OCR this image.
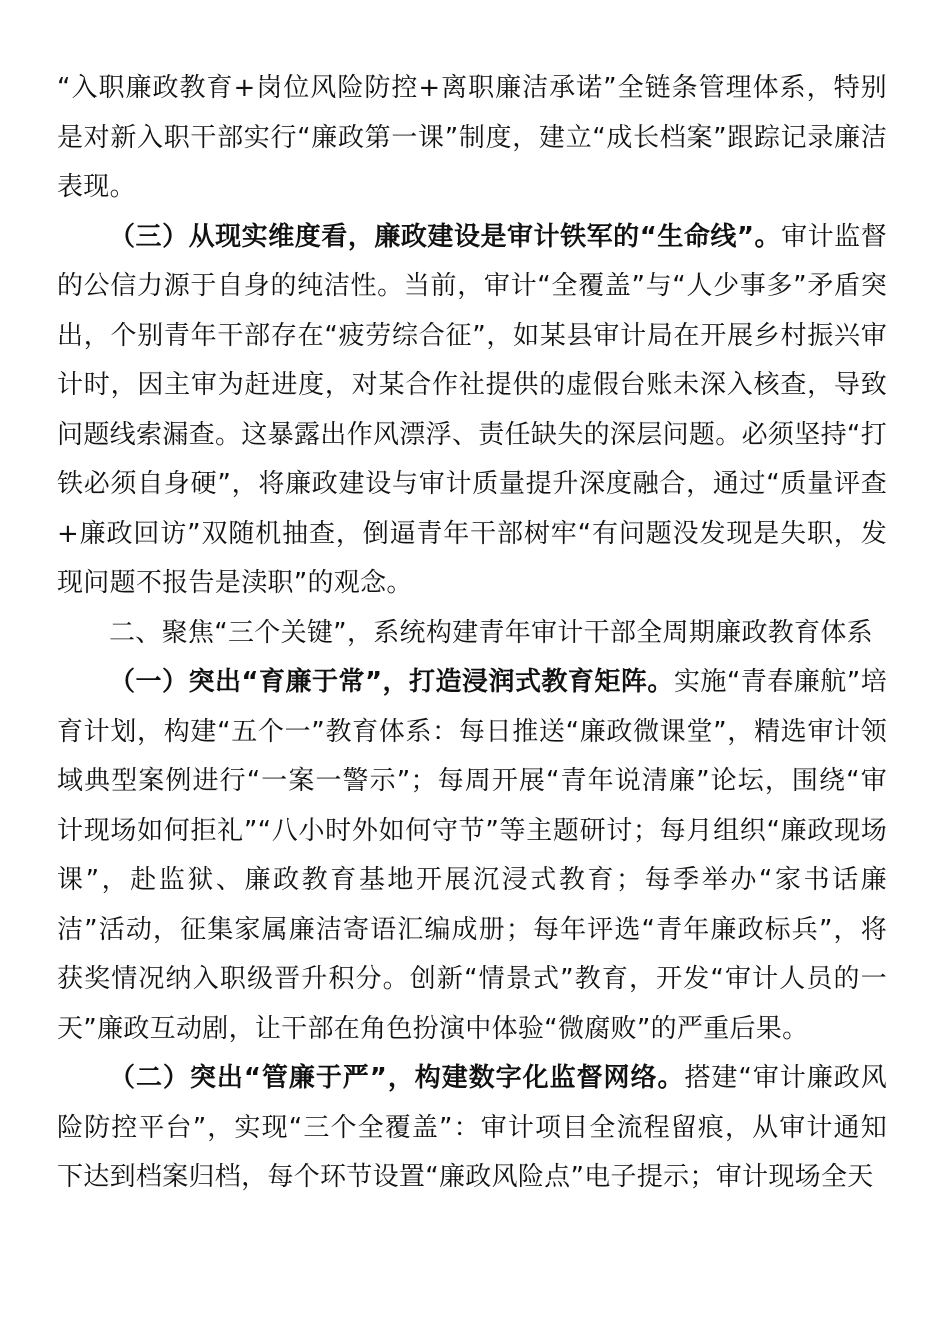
“入职廉政教育+岗位风险防控+离职廉洁承诺”全链条管理体系，特别是对新入职干部实行“廉政第一课”制度，建立“成长档案”跟踪记录廉洁表现。

（三）从现实维度看，廉政建设是审计铁军的“生命线”。审计监督的公信力源于自身的纯洁性。当前，审计“全覆盖”与“人少事多”矛盾突出，个别青年干部存在“疲劳综合征”，如某县审计局在开展乡村振兴审计时，因主审为赶进度，对某合作社提供的虚假台账未深入核查，导致问题线索漏查。这暴露出作风漂浮、责任缺失的深层问题。必须坚持“打铁必须自身硬”，将廉政建设与审计质量提升深度融合，通过“质量评查+廉政回访”双随机抽查，倒逼青年干部树牢“有问题没发现是失职，发现问题不报告是渎职”的观念。

二、聚焦“三个关键”，系统构建青年审计干部全周期廉政教育体系

（一）突出“育廉于常”，打造浸润式教育矩阵。实施“青春廉航”培育计划，构建“五个一”教育体系：每日推送“廉政微课堂”，精选审计领域典型案例进行“一案一警示”；每周开展“青年说清廉”论坛，围绕“审计现场如何拒礼”“八小时外如何守节”等主题研讨；每月组织“廉政现场课”，赴监狱、廉政教育基地开展沉浸式教育；每季举办“家书话廉洁”活动，征集家属廉洁寄语汇编成册；每年评选“青年廉政标兵”，将获奖情况纳入职级晋升积分。创新“情景式”教育，开发“审计人员的一天”廉政互动剧，让干部在角色扮演中体验“微腐败”的严重后果。

（二）突出“管廉于严”，构建数字化监督网络。搭建“审计廉政风险防控平台”，实现“三个全覆盖”：审计项目全流程留痕，从审计通知下达到档案归档，每个环节设置“廉政风险点”电子提示；审计现场全天
